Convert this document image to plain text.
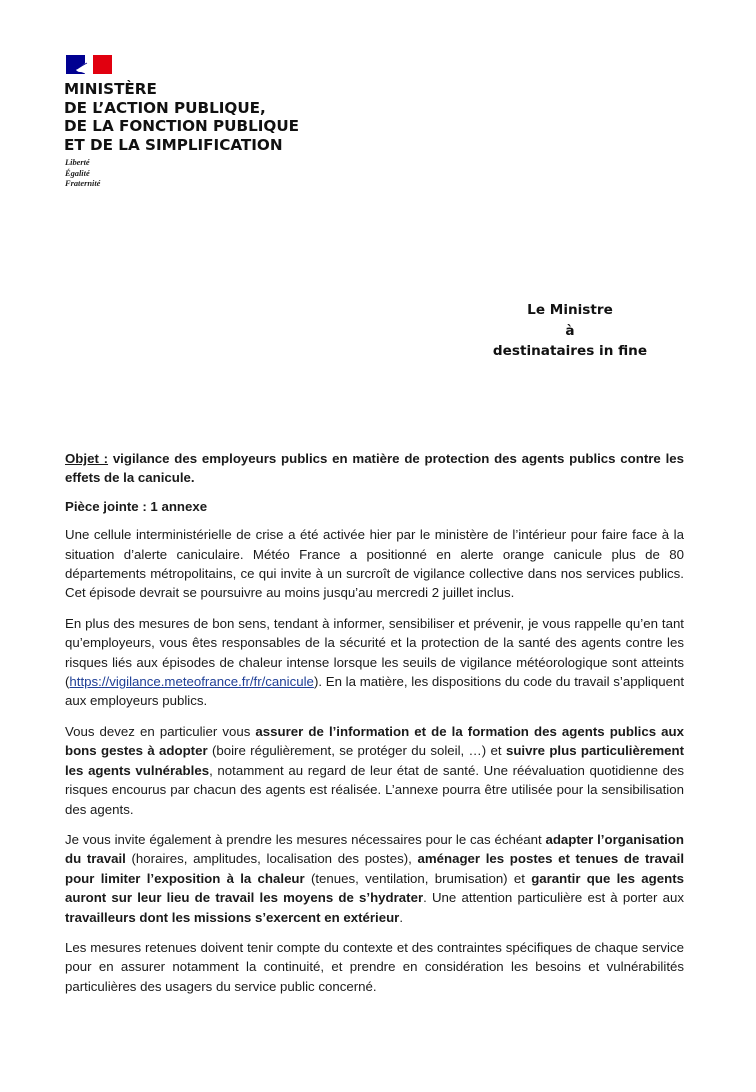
MINISTÈRE
DE L’ACTION PUBLIQUE,
DE LA FONCTION PUBLIQUE
ET DE LA SIMPLIFICATION
Liberté
Égalité
Fraternité
Le Ministre
à
destinataires in fine

Objet : vigilance des employeurs publics en matière de protection des agents publics contre les effets de la canicule.

Pièce jointe : 1 annexe

Une cellule interministérielle de crise a été activée hier par le ministère de l’intérieur pour faire face à la situation d’alerte caniculaire. Météo France a positionné en alerte orange canicule plus de 80 départements métropolitains, ce qui invite à un surcroît de vigilance collective dans nos services publics. Cet épisode devrait se poursuivre au moins jusqu’au mercredi 2 juillet inclus.

En plus des mesures de bon sens, tendant à informer, sensibiliser et prévenir, je vous rappelle qu’en tant qu’employeurs, vous êtes responsables de la sécurité et la protection de la santé des agents contre les risques liés aux épisodes de chaleur intense lorsque les seuils de vigilance météorologique sont atteints (https://vigilance.meteofrance.fr/fr/canicule). En la matière, les dispositions du code du travail s’appliquent aux employeurs publics.

Vous devez en particulier vous assurer de l’information et de la formation des agents publics aux bons gestes à adopter (boire régulièrement, se protéger du soleil, …) et suivre plus particulièrement les agents vulnérables, notamment au regard de leur état de santé. Une réévaluation quotidienne des risques encourus par chacun des agents est réalisée. L’annexe pourra être utilisée pour la sensibilisation des agents.

Je vous invite également à prendre les mesures nécessaires pour le cas échéant adapter l’organisation du travail (horaires, amplitudes, localisation des postes), aménager les postes et tenues de travail pour limiter l’exposition à la chaleur (tenues, ventilation, brumisation) et garantir que les agents auront sur leur lieu de travail les moyens de s’hydrater. Une attention particulière est à porter aux travailleurs dont les missions s’exercent en extérieur.

Les mesures retenues doivent tenir compte du contexte et des contraintes spécifiques de chaque service pour en assurer notamment la continuité, et prendre en considération les besoins et vulnérabilités particulières des usagers du service public concerné.
